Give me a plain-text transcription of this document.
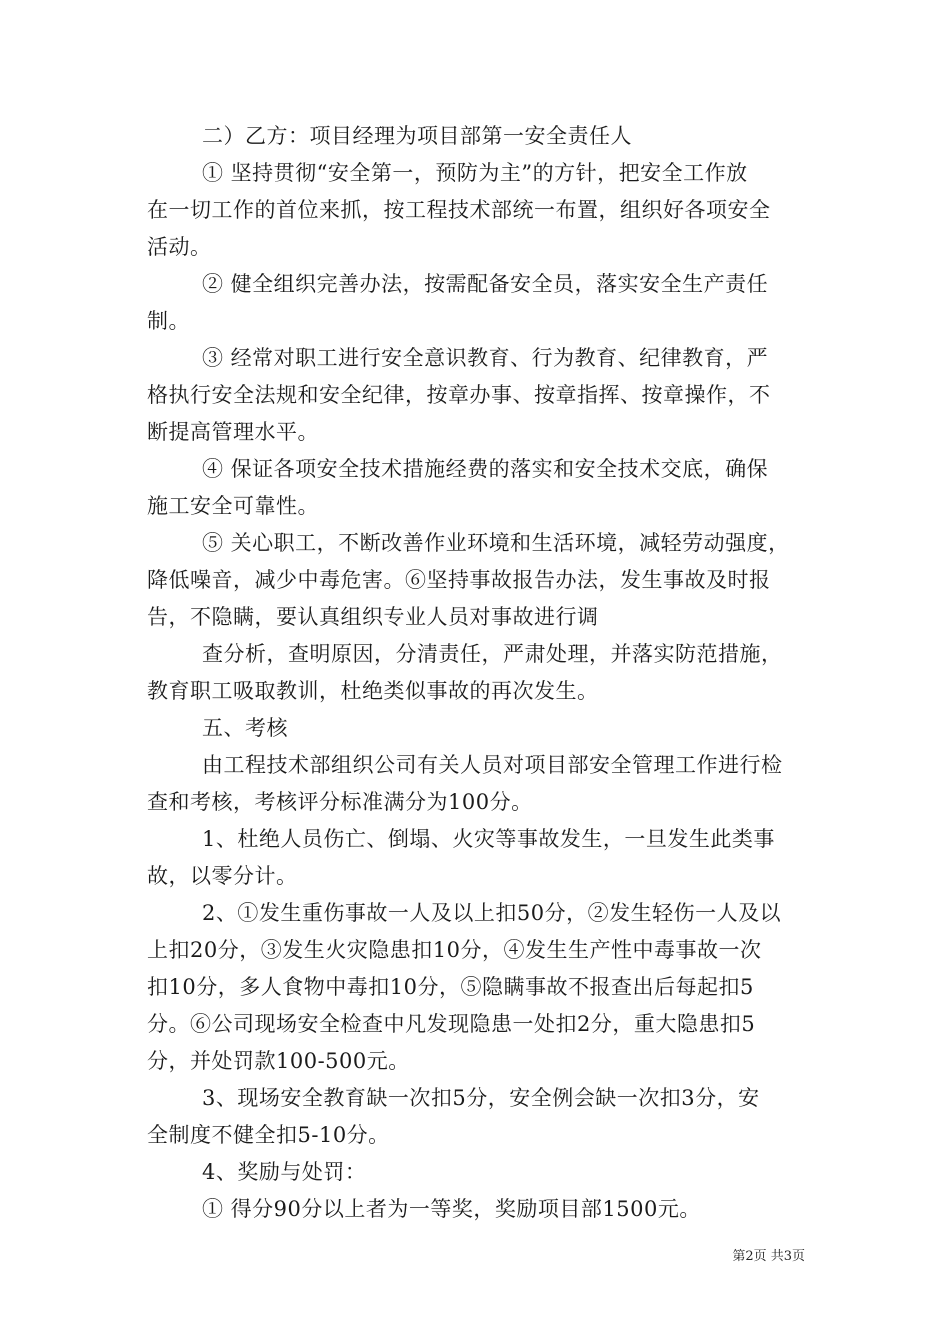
二）乙方：项目经理为项目部第一安全责任人
① 坚持贯彻“安全第一，预防为主”的方针，把安全工作放
在一切工作的首位来抓，按工程技术部统一布置，组织好各项安全
活动。
② 健全组织完善办法，按需配备安全员，落实安全生产责任
制。
③ 经常对职工进行安全意识教育、行为教育、纪律教育，严
格执行安全法规和安全纪律，按章办事、按章指挥、按章操作，不
断提高管理水平。
④ 保证各项安全技术措施经费的落实和安全技术交底，确保
施工安全可靠性。
⑤ 关心职工，不断改善作业环境和生活环境，减轻劳动强度，
降低噪音，减少中毒危害。⑥坚持事故报告办法，发生事故及时报
告，不隐瞒，要认真组织专业人员对事故进行调
查分析，查明原因，分清责任，严肃处理，并落实防范措施，
教育职工吸取教训，杜绝类似事故的再次发生。
五、考核
由工程技术部组织公司有关人员对项目部安全管理工作进行检
查和考核，考核评分标准满分为100分。
1、杜绝人员伤亡、倒塌、火灾等事故发生，一旦发生此类事
故，以零分计。
2、①发生重伤事故一人及以上扣50分，②发生轻伤一人及以
上扣20分，③发生火灾隐患扣10分，④发生生产性中毒事故一次
扣10分，多人食物中毒扣10分，⑤隐瞒事故不报查出后每起扣5
分。⑥公司现场安全检查中凡发现隐患一处扣2分，重大隐患扣5
分，并处罚款100-500元。
3、现场安全教育缺一次扣5分，安全例会缺一次扣3分，安
全制度不健全扣5-10分。
4、奖励与处罚：
① 得分90分以上者为一等奖，奖励项目部1500元。
第2页 共3页
